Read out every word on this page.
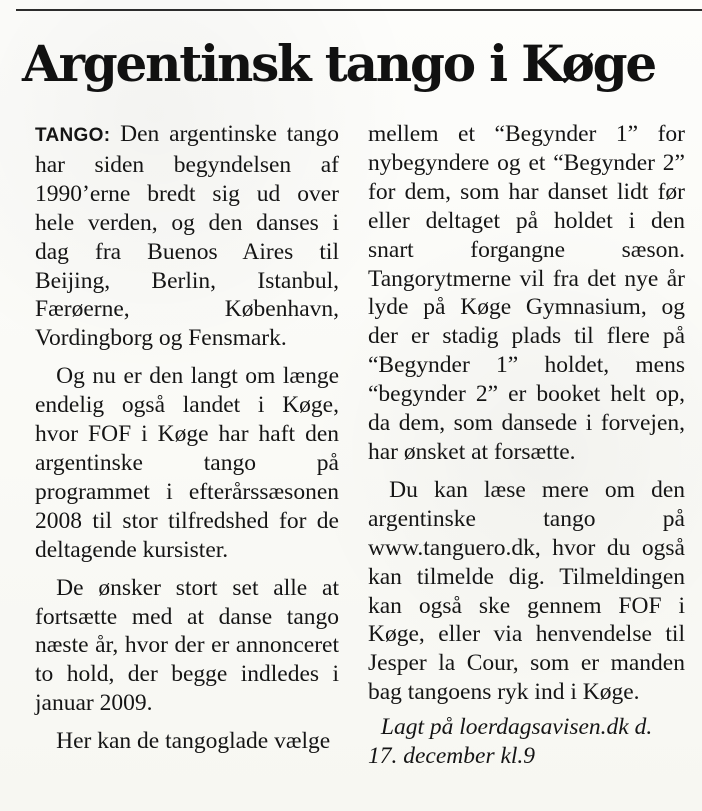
Argentinsk tango i Køge

TANGO: Den argentinske tango har siden begyndelsen af 1990’erne bredt sig ud over hele verden, og den danses i dag fra Buenos Aires til Beijing, Berlin, Istanbul, Færøerne, København, Vordingborg og Fensmark.

Og nu er den langt om længe endelig også landet i Køge, hvor FOF i Køge har haft den argentinske tango på programmet i efterårssæsonen 2008 til stor tilfredshed for de deltagende kursister.

De ønsker stort set alle at fortsætte med at danse tango næste år, hvor der er annonceret to hold, der begge indledes i januar 2009.

Her kan de tangoglade vælge

mellem et “Begynder 1” for nybegyndere og et “Begynder 2” for dem, som har danset lidt før eller deltaget på holdet i den snart forgangne sæson. Tangorytmerne vil fra det nye år lyde på Køge Gymnasium, og der er stadig plads til flere på “Begynder 1” holdet, mens “begynder 2” er booket helt op, da dem, som dansede i forvejen, har ønsket at forsætte.

Du kan læse mere om den argentinske tango på www.tanguero.dk, hvor du også kan tilmelde dig. Tilmeldingen kan også ske gennem FOF i Køge, eller via henvendelse til Jesper la Cour, som er manden bag tangoens ryk ind i Køge.

Lagt på loerdagsavisen.dk d. 17. december kl.9
